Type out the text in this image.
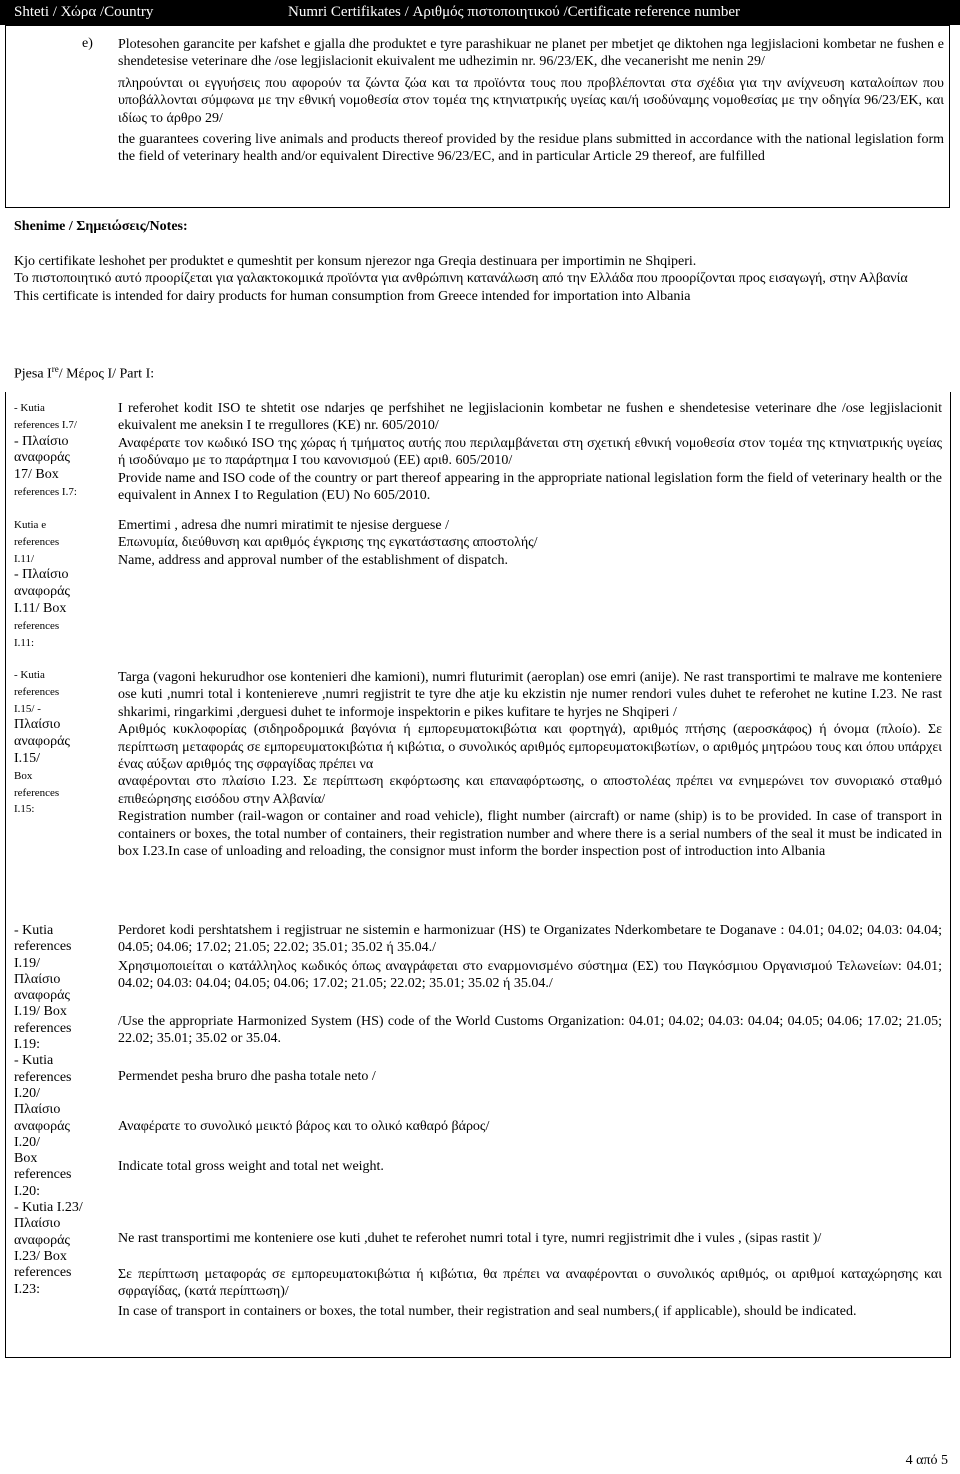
Shteti / Χώρα /Country	Numri Certifikates / Αριθμός πιστοποιητικού /Certificate reference number
e) Plotesohen garancite per kafshet e gjalla dhe produktet e tyre parashikuar ne planet per mbetjet qe diktohen nga legjislacioni kombetar ne fushen e shendetesise veterinare dhe /ose legjislacionit ekuivalent me udhezimin nr. 96/23/EK, dhe vecanerisht me nenin 29/

πληρούνται οι εγγυήσεις που αφορούν τα ζώντα ζώα και τα προϊόντα τους που προβλέπονται στα σχέδια για την ανίχνευση καταλοίπων που υποβάλλονται σύμφωνα με την εθνική νομοθεσία στον τομέα της κτηνιατρικής υγείας και/ή ισοδύναμης νομοθεσίας με την οδηγία 96/23/ΕΚ, και ιδίως το άρθρο 29/

the guarantees covering live animals and products thereof provided by the residue plans submitted in accordance with the national legislation form the field of veterinary health and/or equivalent Directive 96/23/EC, and in particular Article 29 thereof, are fulfilled

Shenime / Σημειώσεις/Notes:

Kjo certifikate leshohet per produktet e qumeshtit per konsum njerezor nga Greqia destinuara per importimin ne Shqiperi.

Το πιστοποιητικό αυτό προορίζεται για γαλακτοκομικά προϊόντα για ανθρώπινη κατανάλωση από την Ελλάδα που προορίζονται προς εισαγωγή, στην Αλβανία

This certificate is intended for dairy products for human consumption from Greece intended for importation into Albania

Pjesa Ire/ Μέρος I/ Part I:
- Kutia
references I.7/
- Πλαίσιο
αναφοράς
17/ Box
references I.7:

I referohet kodit ISO te shtetit ose ndarjes qe perfshihet ne legjislacionin kombetar ne fushen e shendetesise veterinare dhe /ose legjislacionit ekuivalent me aneksin I te rregullores (KE) nr. 605/2010/

Αναφέρατε τον κωδικό ISO της χώρας ή τμήματος αυτής που περιλαμβάνεται στη σχετική εθνική νομοθεσία στον τομέα της κτηνιατρικής υγείας ή ισοδύναμο με το παράρτημα I του κανονισμού (ΕΕ) αριθ. 605/2010/

Provide name and ISO code of the country or part thereof appearing in the appropriate national legislation form the field of veterinary health or the equivalent in Annex I to Regulation (EU) No 605/2010.

Kutia e
references
I.11/
- Πλαίσιο
αναφοράς
I.11/ Box
references
I.11:

Emertimi , adresa dhe numri miratimit te njesise derguese /

Επωνυμία, διεύθυνση και αριθμός έγκρισης της εγκατάστασης αποστολής/

Name, address and approval number of the establishment of dispatch.

- Kutia
references
I.15/ -
Πλαίσιο
αναφοράς
I.15/
Box
references
I.15:

Targa (vagoni hekurudhor ose kontenieri dhe kamioni), numri fluturimit (aeroplan) ose emri (anije). Ne rast transportimi te malrave me konteniere ose kuti ,numri total i kontenierеve ,numri regjistrit te tyre dhe atje ku ekzistin nje numer rendori vules duhet te referohet ne kutine I.23. Ne rast shkarimi, ringarkimi ,derguesi duhet te informoje inspektorin e pikes kufitare te hyrjes ne Shqiperi /

Αριθμός κυκλοφορίας (σιδηροδρομικά βαγόνια ή εμπορευματοκιβώτια και φορτηγά), αριθμός πτήσης (αεροσκάφος) ή όνομα (πλοίο). Σε περίπτωση μεταφοράς σε εμπορευματοκιβώτια ή κιβώτια, ο συνολικός αριθμός εμπορευματοκιβωτίων, ο αριθμός μητρώου τους και όπου υπάρχει ένας αύξων αριθμός της σφραγίδας πρέπει να

αναφέρονται στο πλαίσιο I.23. Σε περίπτωση εκφόρτωσης και επαναφόρτωσης, ο αποστολέας πρέπει να ενημερώνει τον συνοριακό σταθμό επιθεώρησης εισόδου στην Αλβανία/

Registration number (rail-wagon or container and road vehicle), flight number (aircraft) or name (ship) is to be provided. In case of transport in containers or boxes, the total number of containers, their registration number and where there is a serial numbers of the seal it must be indicated in box I.23.In case of unloading and reloading, the consignor must inform the border inspection post of introduction into Albania

- Kutia
references
I.19/
Πλαίσιο
αναφοράς
I.19/ Box
references
I.19:
- Kutia
references
I.20/
Πλαίσιο
αναφοράς
I.20/
Box
references
I.20:
- Kutia I.23/
Πλαίσιο
αναφοράς
I.23/ Box
references
I.23:
Perdoret kodi pershtatshem i regjistruar ne sistemin e harmonizuar (HS) te Organizates Nderkombetare te Doganave : 04.01; 04.02; 04.03: 04.04; 04.05; 04.06; 17.02; 21.05; 22.02; 35.01; 35.02 ή 35.04./
Χρησιμοποιείται ο κατάλληλος κωδικός όπως αναγράφεται στο εναρμονισμένο σύστημα (ΕΣ) του Παγκόσμιου Οργανισμού Τελωνείων: 04.01; 04.02; 04.03: 04.04; 04.05; 04.06; 17.02; 21.05; 22.02; 35.01; 35.02 ή 35.04./
/Use the appropriate Harmonized System (HS) code of the World Customs Organization: 04.01; 04.02; 04.03: 04.04; 04.05; 04.06; 17.02; 21.05; 22.02; 35.01; 35.02 or 35.04.
Permendet pesha bruro dhe pasha totale neto /
Αναφέρατε το συνολικό μεικτό βάρος και το ολικό καθαρό βάρος/
Indicate total gross weight and total net weight.
Ne rast transportimi me konteniere ose kuti ,duhet te referohet numri total i tyre, numri regjistrimit dhe i vules , (sipas rastit )/
Σε περίπτωση μεταφοράς σε εμπορευματοκιβώτια ή κιβώτια, θα πρέπει να αναφέρονται ο συνολικός αριθμός, οι αριθμοί καταχώρησης και σφραγίδας, (κατά περίπτωση)/
In case of transport in containers or boxes, the total number, their registration and seal numbers,( if applicable), should be indicated.
4 από 5
